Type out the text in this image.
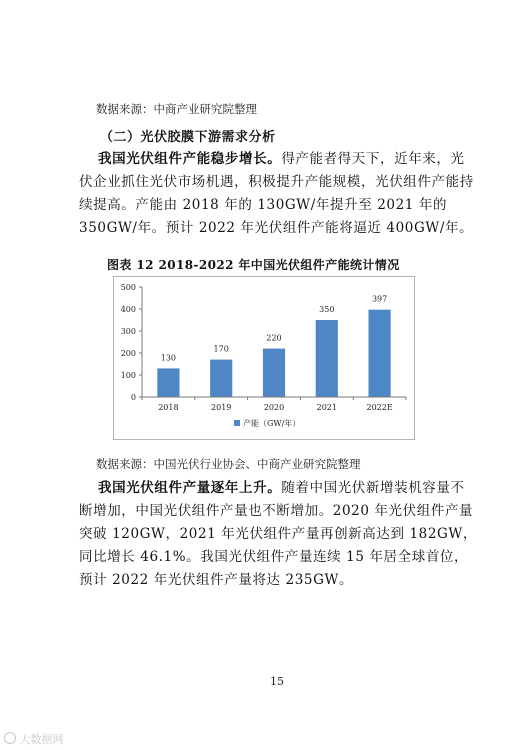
数据来源：中商产业研究院整理
（二）光伏胶膜下游需求分析
我国光伏组件产能稳步增长。得产能者得天下，近年来，光
伏企业抓住光伏市场机遇，积极提升产能规模，光伏组件产能持
续提高。产能由 2018 年的 130GW/年提升至 2021 年的
350GW/年。预计 2022 年光伏组件产能将逼近 400GW/年。
图表 12 2018-2022 年中国光伏组件产能统计情况
0
100
200
300
400
500
130
170
220
350
397
2018	2019	2020	2021	2022E
产能（GW/年）
数据来源：中国光伏行业协会、中商产业研究院整理
我国光伏组件产量逐年上升。随着中国光伏新增装机容量不
断增加，中国光伏组件产量也不断增加。2020 年光伏组件产量
突破 120GW，2021 年光伏组件产量再创新高达到 182GW，
同比增长 46.1%。我国光伏组件产量连续 15 年居全球首位，
预计 2022 年光伏组件产量将达 235GW。
15
大数据网
